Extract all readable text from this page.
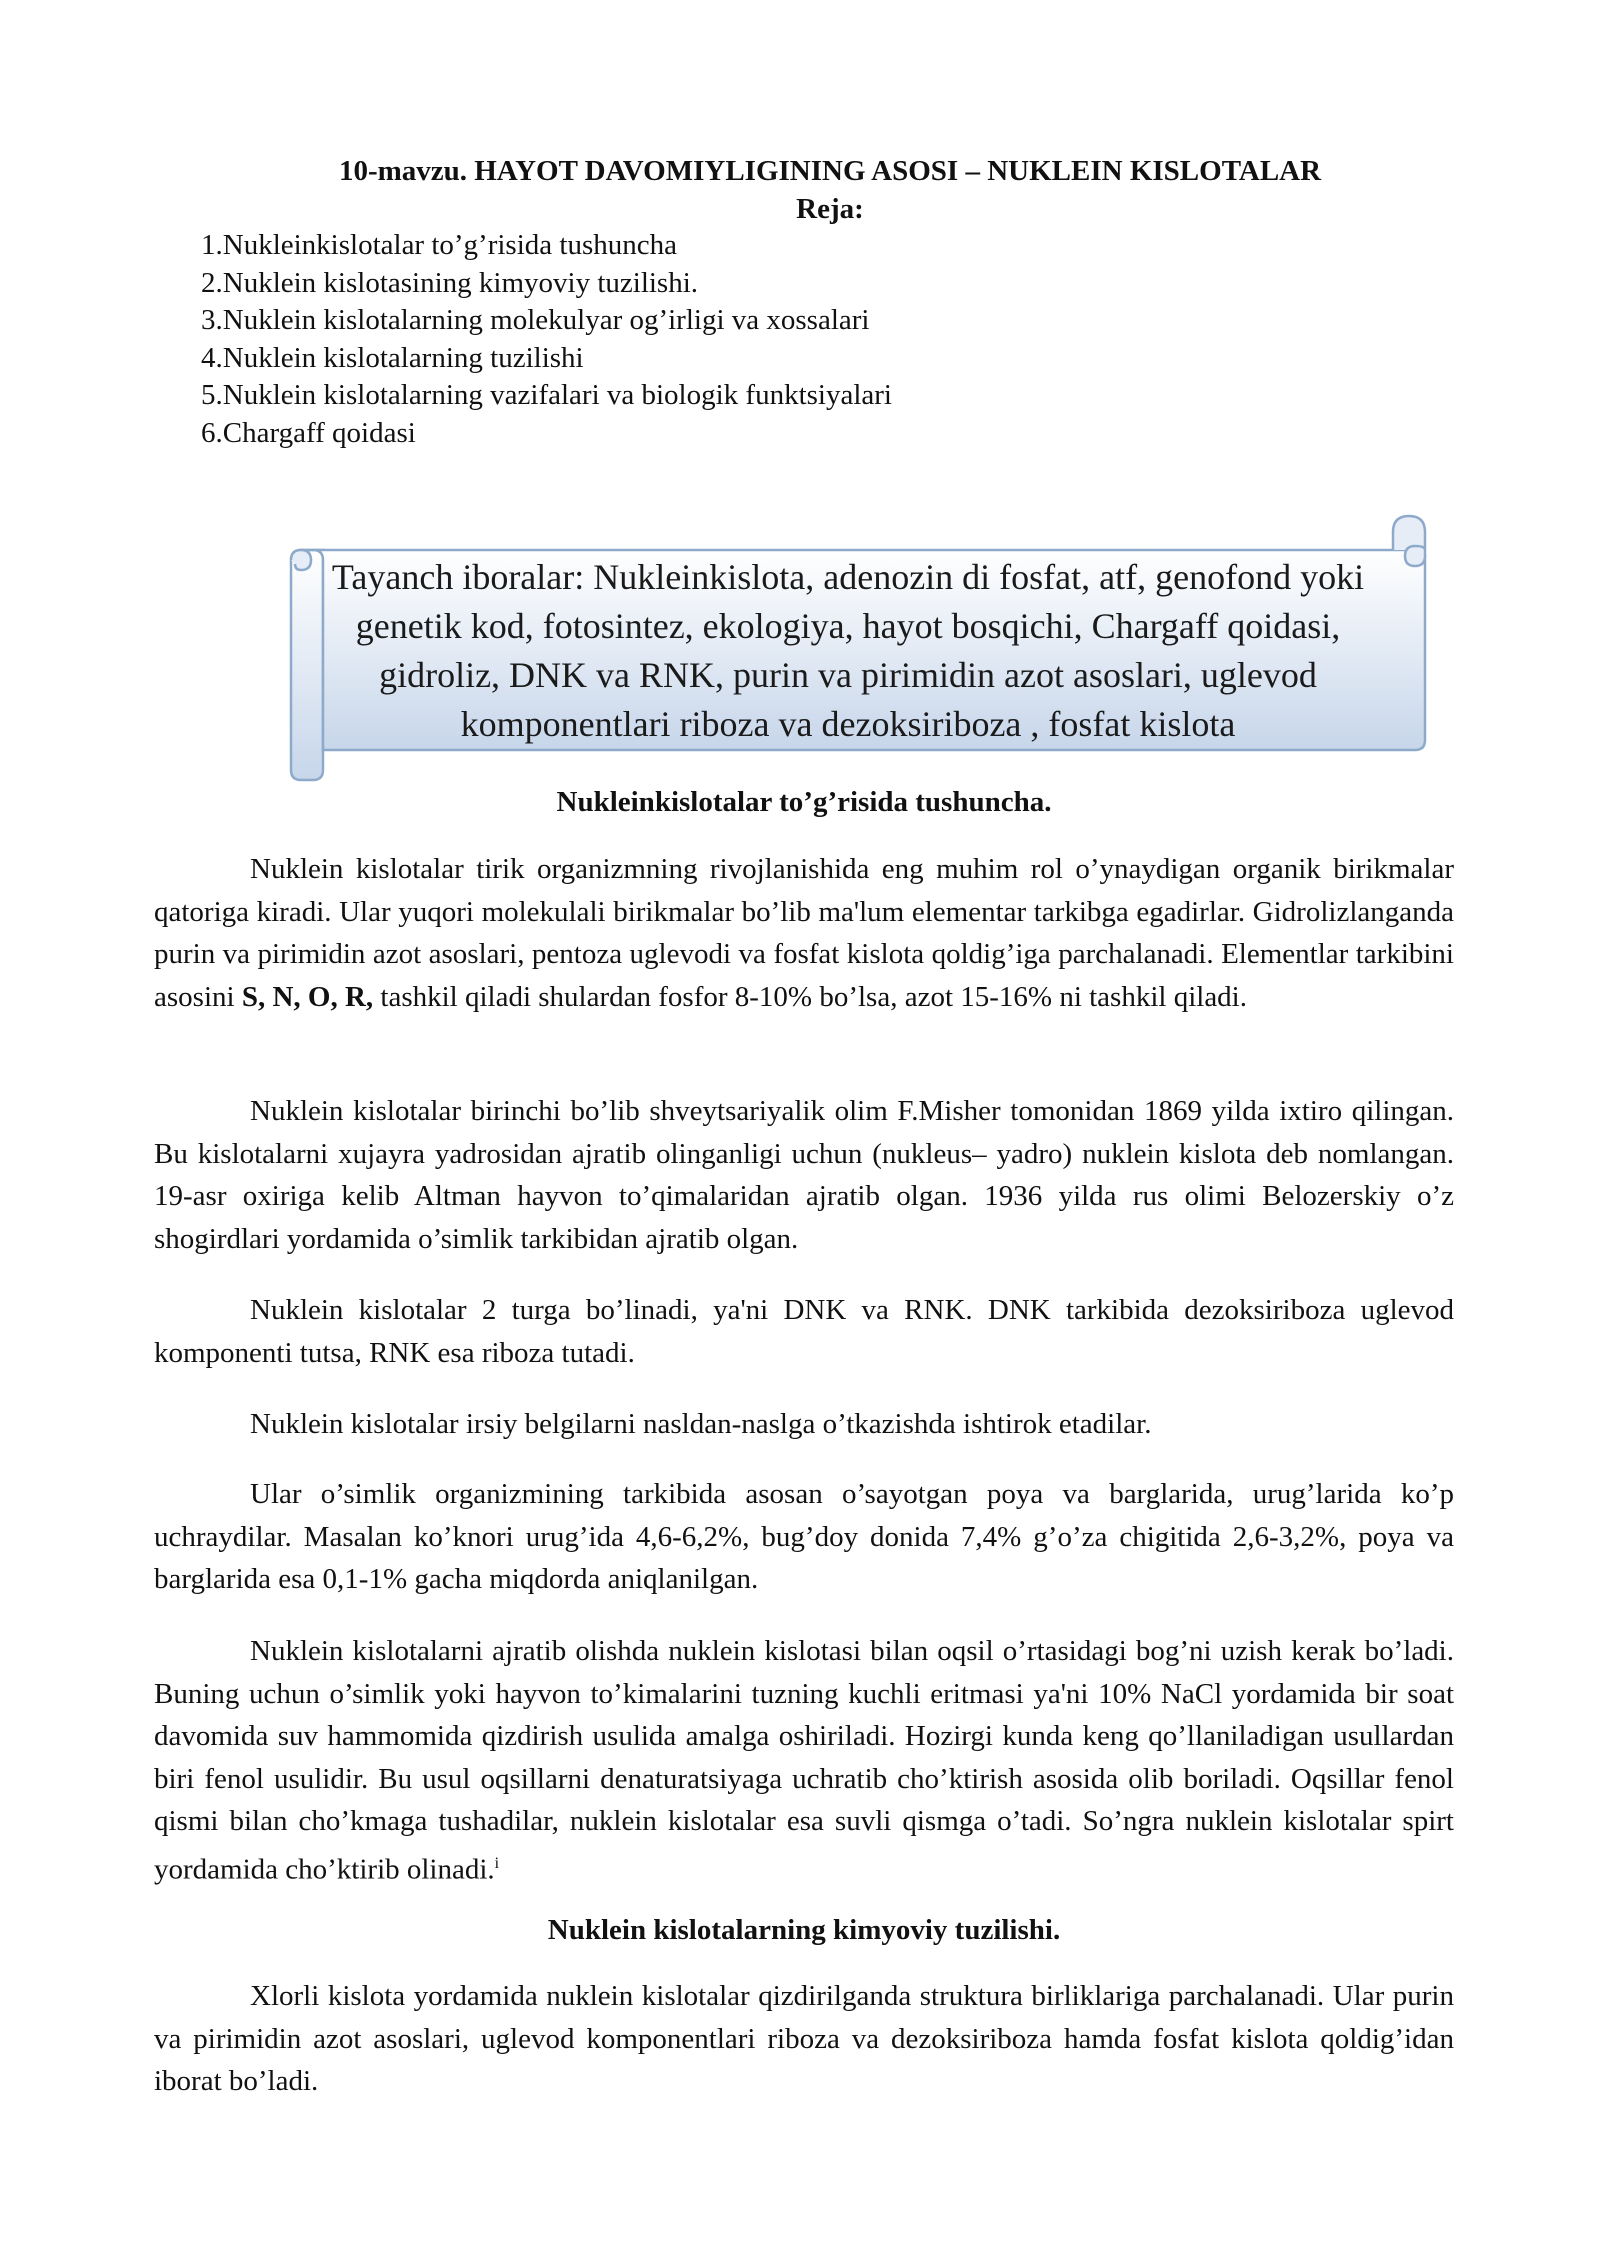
10-mavzu. HAYOT DAVOMIYLIGINING ASOSI – NUKLEIN KISLOTALAR
Reja:
1.Nukleinkislotalar to’g’risida tushuncha
2.Nuklein kislotasining kimyoviy tuzilishi.
3.Nuklein kislotalarning molekulyar og’irligi va xossalari
4.Nuklein kislotalarning tuzilishi
5.Nuklein kislotalarning vazifalari va biologik funktsiyalari
6.Chargaff qoidasi
Tayanch iboralar: Nukleinkislota, adenozin di fosfat, atf, genofond yoki genetik kod, fotosintez, ekologiya, hayot bosqichi, Chargaff qoidasi, gidroliz, DNK va RNK, purin va pirimidin azot asoslari, uglevod komponentlari riboza va dezoksiriboza , fosfat kislota
Nukleinkislotalar to’g’risida tushuncha.

Nuklein kislotalar tirik organizmning rivojlanishida eng muhim rol o’ynaydigan organik birikmalar qatoriga kiradi. Ular yuqori molekulali birikmalar bo’lib ma'lum elementar tarkibga egadirlar. Gidrolizlanganda purin va pirimidin azot asoslari, pentoza uglevodi va fosfat kislota qoldig’iga parchalanadi. Elementlar tarkibini asosini S, N, O, R, tashkil qiladi shulardan fosfor 8-10% bo’lsa, azot 15-16% ni tashkil qiladi.

Nuklein kislotalar birinchi bo’lib shveytsariyalik olim F.Misher tomonidan 1869 yilda ixtiro qilingan. Bu kislotalarni xujayra yadrosidan ajratib olinganligi uchun (nukleus– yadro) nuklein kislota deb nomlangan. 19-asr oxiriga kelib Altman hayvon to’qimalaridan ajratib olgan. 1936 yilda rus olimi Belozerskiy o’z shogirdlari yordamida o’simlik tarkibidan ajratib olgan.

Nuklein kislotalar 2 turga bo’linadi, ya'ni DNK va RNK. DNK tarkibida dezoksiriboza uglevod komponenti tutsa, RNK esa riboza tutadi.

Nuklein kislotalar irsiy belgilarni nasldan-naslga o’tkazishda ishtirok etadilar.

Ular o’simlik organizmining tarkibida asosan o’sayotgan poya va barglarida, urug’larida ko’p uchraydilar. Masalan ko’knori urug’ida 4,6-6,2%, bug’doy donida 7,4% g’o’za chigitida 2,6-3,2%, poya va barglarida esa 0,1-1% gacha miqdorda aniqlanilgan.

Nuklein kislotalarni ajratib olishda nuklein kislotasi bilan oqsil o’rtasidagi bog’ni uzish kerak bo’ladi. Buning uchun o’simlik yoki hayvon to’kimalarini tuzning kuchli eritmasi ya'ni 10% NaCl yordamida bir soat davomida suv hammomida qizdirish usulida amalga oshiriladi. Hozirgi kunda keng qo’llaniladigan usullardan biri fenol usulidir. Bu usul oqsillarni denaturatsiyaga uchratib cho’ktirish asosida olib boriladi. Oqsillar fenol qismi bilan cho’kmaga tushadilar, nuklein kislotalar esa suvli qismga o’tadi. So’ngra nuklein kislotalar spirt yordamida cho’ktirib olinadi.$^i$

Nuklein kislotalarning kimyoviy tuzilishi.

Xlorli kislota yordamida nuklein kislotalar qizdirilganda struktura birliklariga parchalanadi. Ular purin va pirimidin azot asoslari, uglevod komponentlari riboza va dezoksiriboza hamda fosfat kislota qoldig’idan iborat bo’ladi.
